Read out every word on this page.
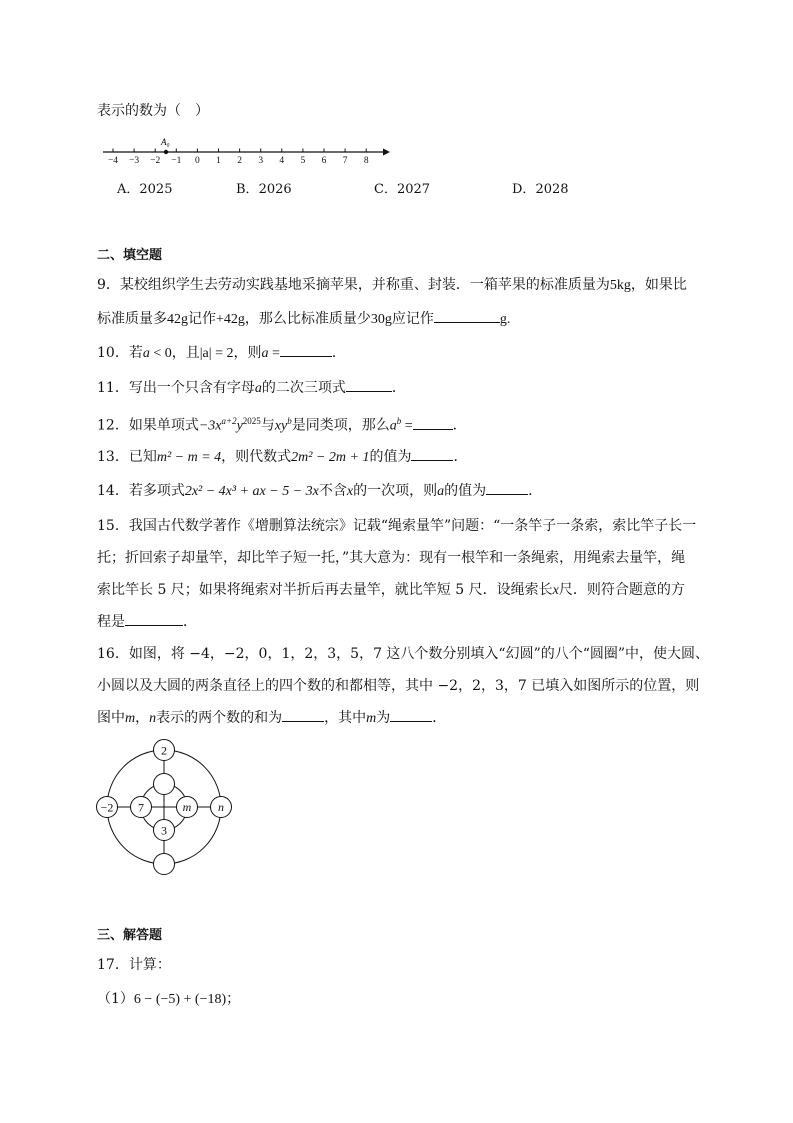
表示的数为（　）
−4 −3 −2 −1 0 1 2 3 4 5 6 7 8
A₀
A．2025	B．2026	C．2027	D．2028
二、填空题
9．某校组织学生去劳动实践基地采摘苹果，并称重、封装．一箱苹果的标准质量为5kg，如果比
标准质量多42g记作+42g，那么比标准质量少30g应记作	g.
10．若a < 0，且|a| = 2，则a =	．
11．写出一个只含有字母a的二次三项式	．
12．如果单项式$-3x^{a+2}y^{2025}$与$xy^b$是同类项，那么$a^b$ =	．
13．已知m² − m = 4，则代数式2m² − 2m + 1的值为	．
14．若多项式2x² − 4x³ + ax − 5 − 3x不含x的一次项，则a的值为	．
15．我国古代数学著作《增删算法统宗》记载“绳索量竿”问题：“一条竿子一条索，索比竿子长一
托；折回索子却量竿，却比竿子短一托，”其大意为：现有一根竿和一条绳索，用绳索去量竿，绳
索比竿长 5 尺；如果将绳索对半折后再去量竿，就比竿短 5 尺．设绳索长x尺．则符合题意的方
程是	．
16．如图，将 −4，−2，0，1，2，3，5，7 这八个数分别填入“幻圆”的八个“圆圈”中，使大圆、
小圆以及大圆的两条直径上的四个数的和都相等，其中 −2，2，3，7 已填入如图所示的位置，则
图中m，n表示的两个数的和为	，其中m为	．
2
−2	n
7	m
3
三、解答题
17．计算：
（1）6 − (−5) + (−18)；
